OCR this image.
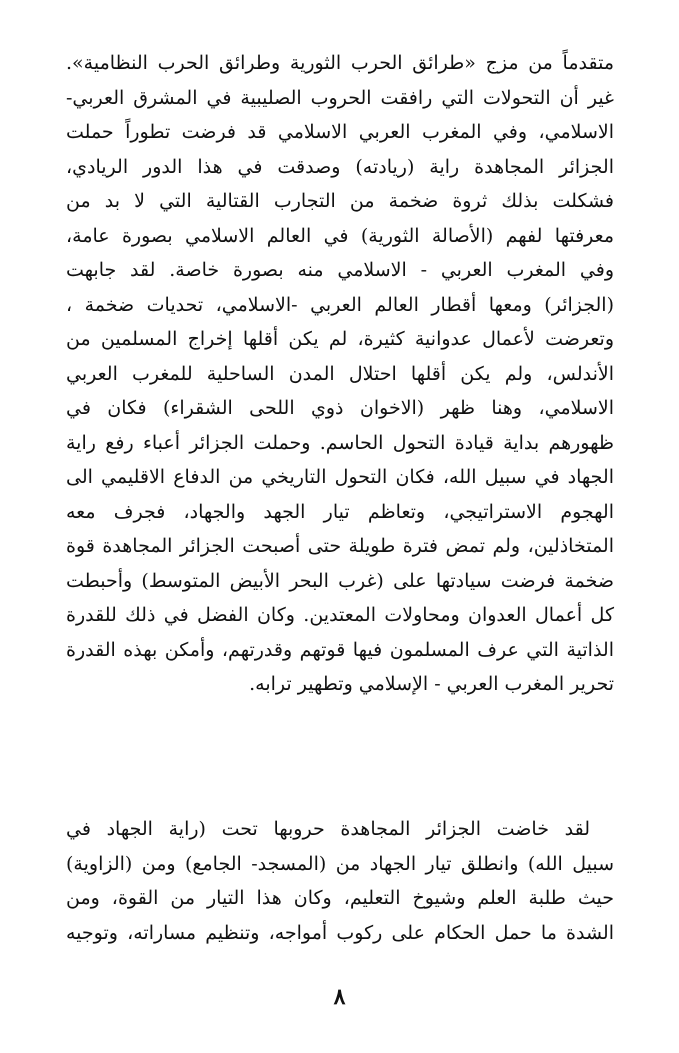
متقدماً من مزج «طرائق الحرب الثورية وطرائق الحرب النظامية».
غير أن التحولات التي رافقت الحروب الصليبية في المشرق العربي-
الاسلامي، وفي المغرب العربي الاسلامي قد فرضت تطوراً حملت
الجزائر المجاهدة راية (ريادته) وصدقت في هذا الدور الريادي،
فشكلت بذلك ثروة ضخمة من التجارب القتالية التي لا بد من
معرفتها لفهم (الأصالة الثورية) في العالم الاسلامي بصورة عامة،
وفي المغرب العربي - الاسلامي منه بصورة خاصة. لقد جابهت
(الجزائر) ومعها أقطار العالم العربي -الاسلامي، تحديات ضخمة ،
وتعرضت لأعمال عدوانية كثيرة، لم يكن أقلها إخراج المسلمين من
الأندلس، ولم يكن أقلها احتلال المدن الساحلية للمغرب العربي
الاسلامي، وهنا ظهر (الاخوان ذوي اللحى الشقراء) فكان في
ظهورهم بداية قيادة التحول الحاسم. وحملت الجزائر أعباء رفع راية
الجهاد في سبيل الله، فكان التحول التاريخي من الدفاع الاقليمي الى
الهجوم الاستراتيجي، وتعاظم تيار الجهد والجهاد، فجرف معه
المتخاذلين، ولم تمض فترة طويلة حتى أصبحت الجزائر المجاهدة قوة
ضخمة فرضت سيادتها على (غرب البحر الأبيض المتوسط) وأحبطت
كل أعمال العدوان ومحاولات المعتدين. وكان الفضل في ذلك للقدرة
الذاتية التي عرف المسلمون فيها قوتهم وقدرتهم، وأمكن بهذه القدرة
تحرير المغرب العربي - الإسلامي وتطهير ترابه.
لقد خاضت الجزائر المجاهدة حروبها تحت (راية الجهاد في
سبيل الله) وانطلق تيار الجهاد من (المسجد- الجامع) ومن (الزاوية)
حيث طلبة العلم وشيوخ التعليم، وكان هذا التيار من القوة، ومن
الشدة ما حمل الحكام على ركوب أمواجه، وتنظيم مساراته، وتوجيه
٨
